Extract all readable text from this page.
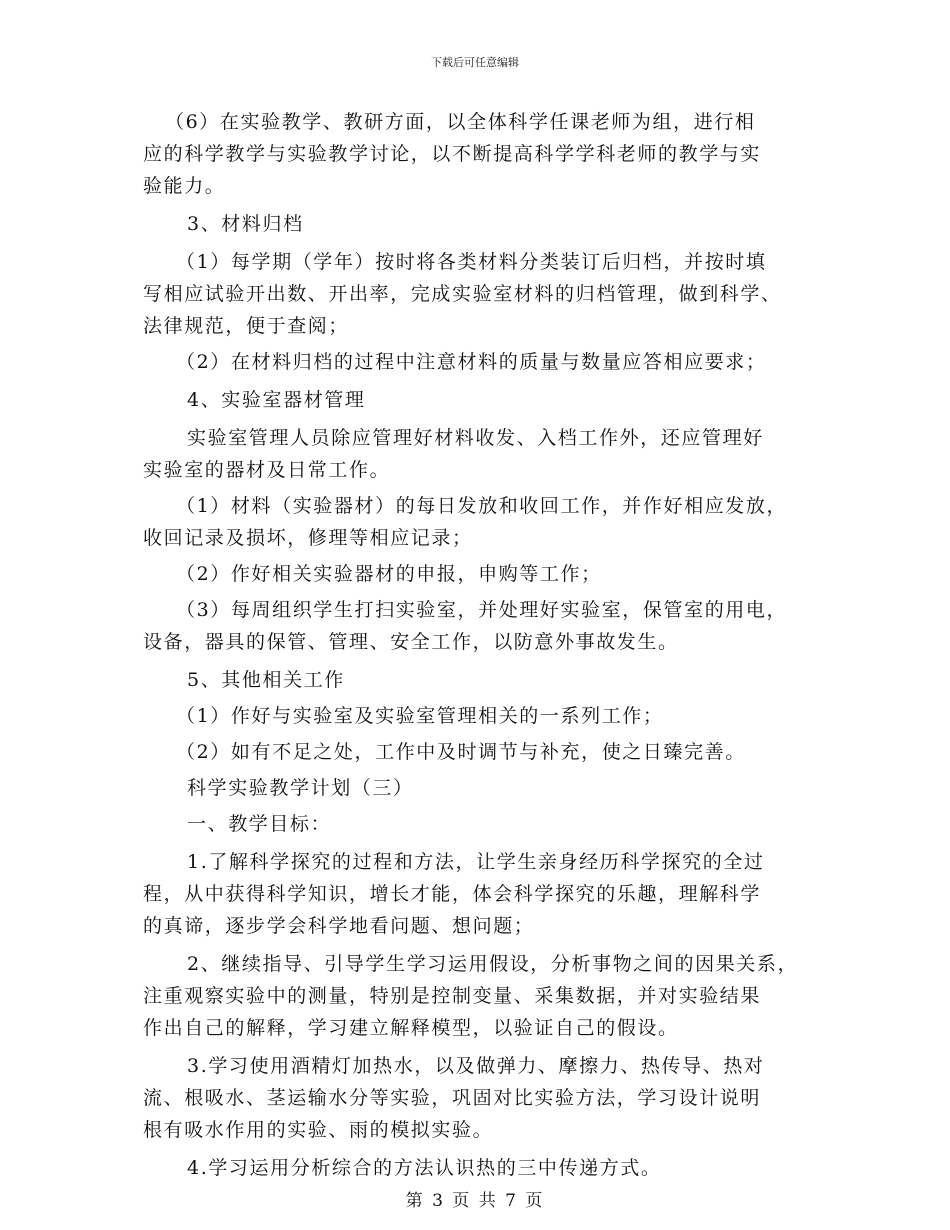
下载后可任意编辑
（6）在实验教学、教研方面，以全体科学任课老师为组，进行相
应的科学教学与实验教学讨论，以不断提高科学学科老师的教学与实
验能力。
3、材料归档
（1）每学期（学年）按时将各类材料分类装订后归档，并按时填
写相应试验开出数、开出率，完成实验室材料的归档管理，做到科学、
法律规范，便于查阅；
（2）在材料归档的过程中注意材料的质量与数量应答相应要求；
4、实验室器材管理
实验室管理人员除应管理好材料收发、入档工作外，还应管理好
实验室的器材及日常工作。
（1）材料（实验器材）的每日发放和收回工作，并作好相应发放，
收回记录及损坏，修理等相应记录；
（2）作好相关实验器材的申报，申购等工作；
（3）每周组织学生打扫实验室，并处理好实验室，保管室的用电，
设备，器具的保管、管理、安全工作，以防意外事故发生。
5、其他相关工作
（1）作好与实验室及实验室管理相关的一系列工作；
（2）如有不足之处，工作中及时调节与补充，使之日臻完善。
科学实验教学计划（三）
一、教学目标：
1.了解科学探究的过程和方法，让学生亲身经历科学探究的全过
程，从中获得科学知识，增长才能，体会科学探究的乐趣，理解科学
的真谛，逐步学会科学地看问题、想问题；
2、继续指导、引导学生学习运用假设，分析事物之间的因果关系，
注重观察实验中的测量，特别是控制变量、采集数据，并对实验结果
作出自己的解释，学习建立解释模型，以验证自己的假设。
3.学习使用酒精灯加热水，以及做弹力、摩擦力、热传导、热对
流、根吸水、茎运输水分等实验，巩固对比实验方法，学习设计说明
根有吸水作用的实验、雨的模拟实验。
4.学习运用分析综合的方法认识热的三中传递方式。
第 3 页 共 7 页
